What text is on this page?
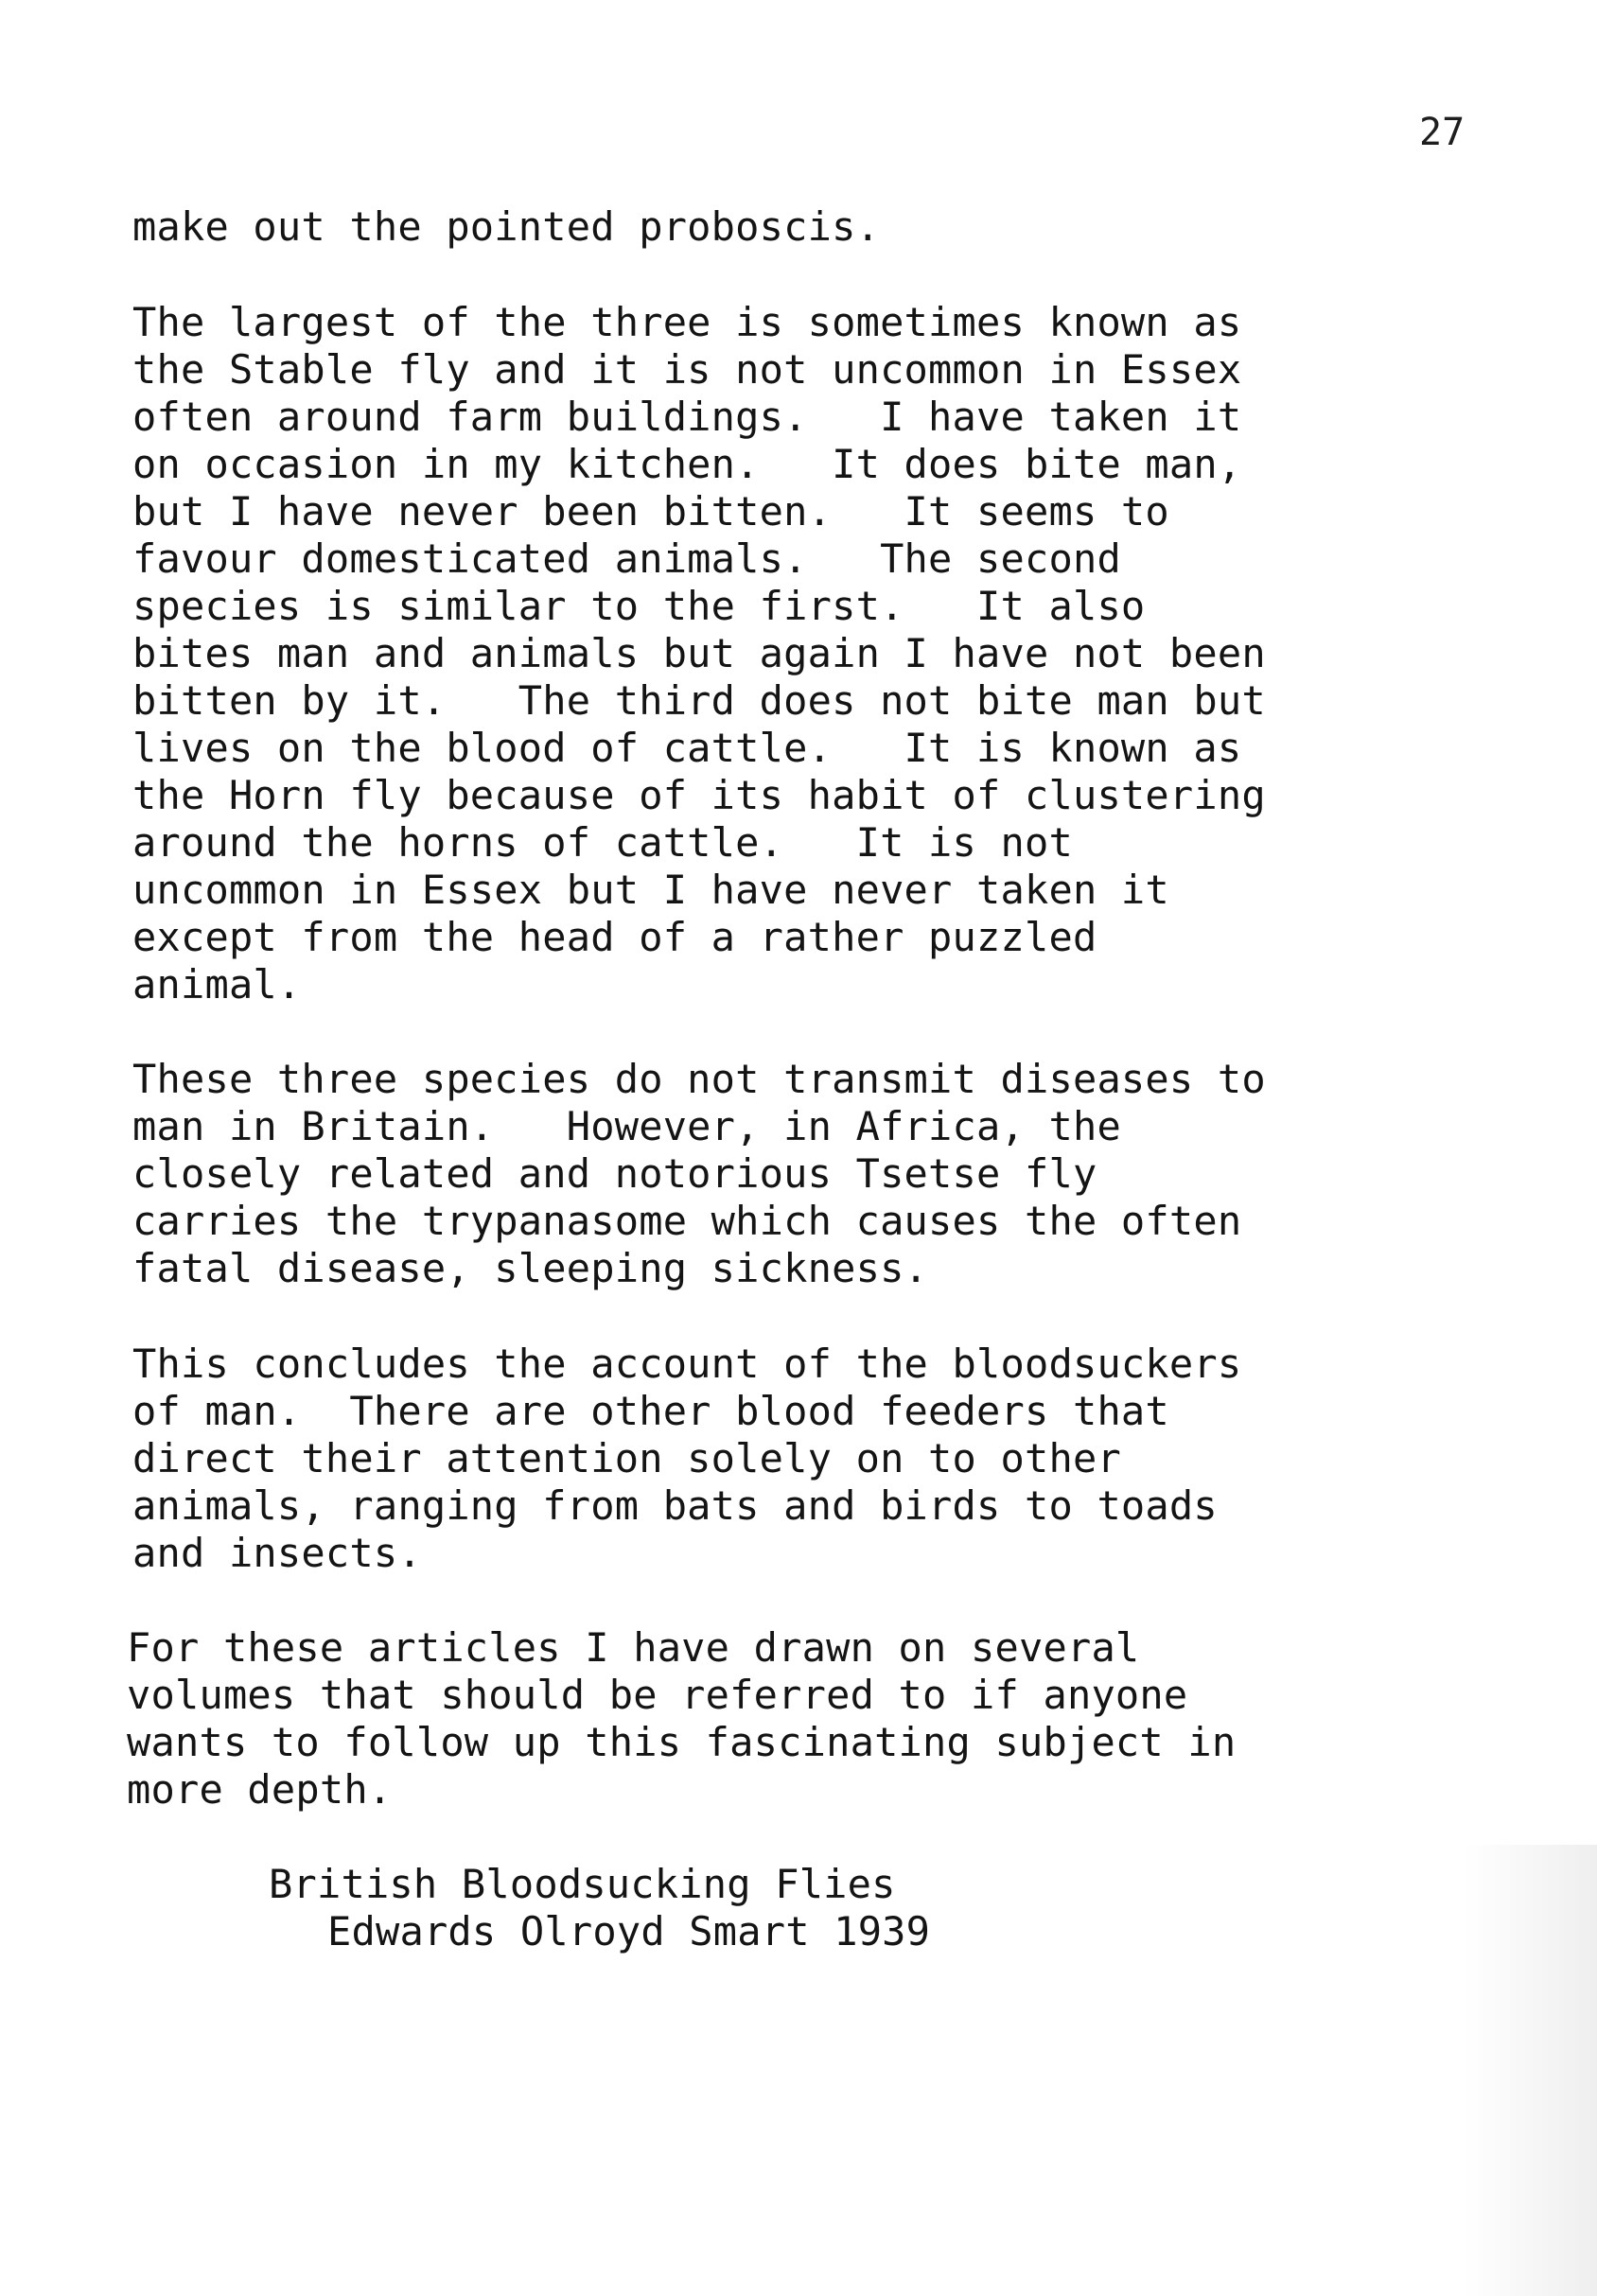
27
make out the pointed proboscis.
The largest of the three is sometimes known as
the Stable fly and it is not uncommon in Essex
often around farm buildings.   I have taken it
on occasion in my kitchen.   It does bite man,
but I have never been bitten.   It seems to
favour domesticated animals.   The second
species is similar to the first.   It also
bites man and animals but again I have not been
bitten by it.   The third does not bite man but
lives on the blood of cattle.   It is known as
the Horn fly because of its habit of clustering
around the horns of cattle.   It is not
uncommon in Essex but I have never taken it
except from the head of a rather puzzled
animal.
These three species do not transmit diseases to
man in Britain.   However, in Africa, the
closely related and notorious Tsetse fly
carries the trypanasome which causes the often
fatal disease, sleeping sickness.
This concludes the account of the bloodsuckers
of man.  There are other blood feeders that
direct their attention solely on to other
animals, ranging from bats and birds to toads
and insects.
For these articles I have drawn on several
volumes that should be referred to if anyone
wants to follow up this fascinating subject in
more depth.
British Bloodsucking Flies
Edwards Olroyd Smart 1939
